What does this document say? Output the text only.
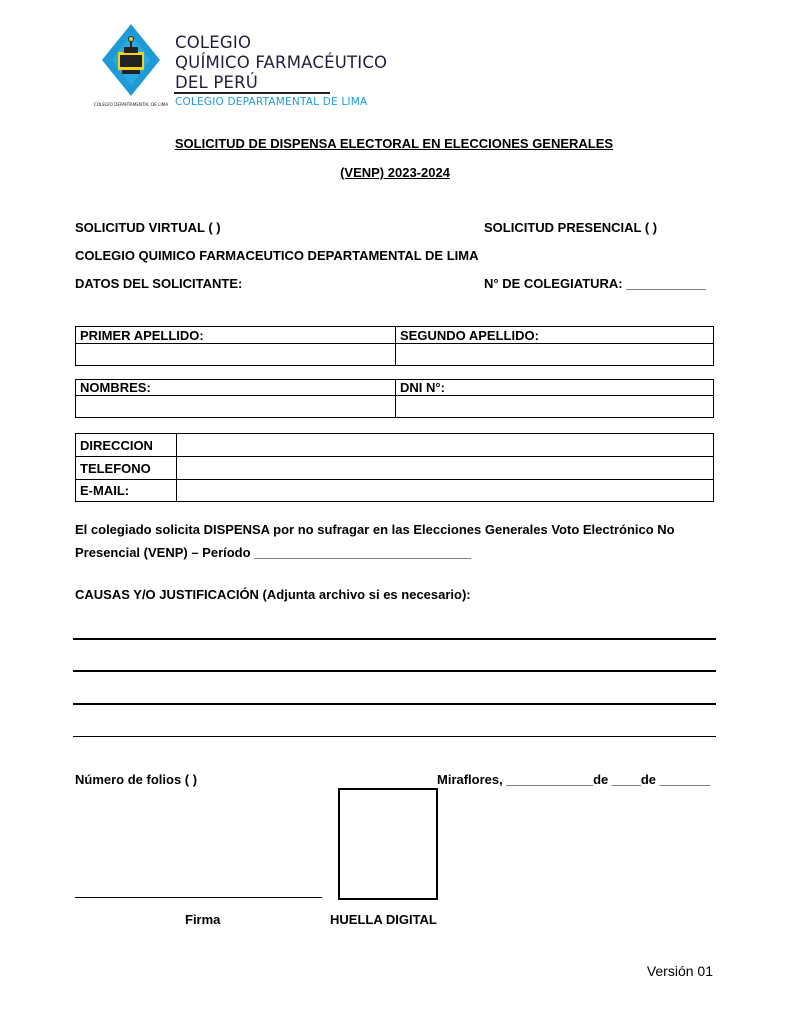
COLEGIO DEPARTAMENTAL DE LIMA
COLEGIO
QUÍMICO FARMACÉUTICO
DEL PERÚ
COLEGIO DEPARTAMENTAL DE LIMA
SOLICITUD DE DISPENSA ELECTORAL EN ELECCIONES GENERALES
(VENP) 2023-2024
SOLICITUD VIRTUAL ( )	SOLICITUD PRESENCIAL ( )
COLEGIO QUIMICO FARMACEUTICO DEPARTAMENTAL DE LIMA
DATOS DEL SOLICITANTE:	N° DE COLEGIATURA: ___________
PRIMER APELLIDO:	SEGUNDO APELLIDO:

NOMBRES:	DNI N°:

DIRECCION	
TELEFONO	
E-MAIL:	
El colegiado solicita DISPENSA por no sufragar en las Elecciones Generales Voto Electrónico No
Presencial (VENP) – Período ______________________________
CAUSAS Y/O JUSTIFICACIÓN (Adjunta archivo si es necesario):
Número de folios ( )	Miraflores, ____________de ____de _______
Firma	HUELLA DIGITAL
Versión 01
